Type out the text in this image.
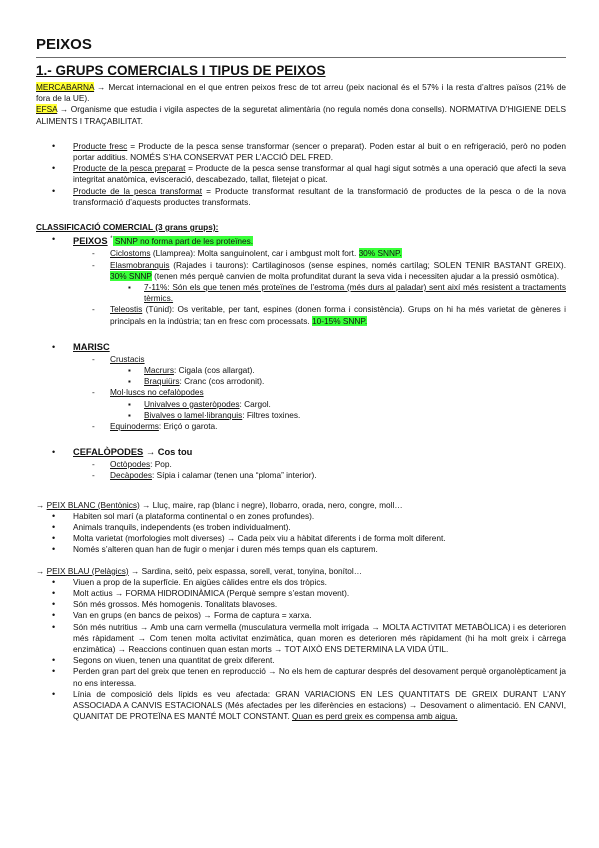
PEIXOS
1.- GRUPS COMERCIALS I TIPUS DE PEIXOS

MERCABARNA → Mercat internacional en el que entren peixos fresc de tot arreu (peix nacional és el 57% i la resta d’altres països (21% de fora de la UE).

EFSA → Organisme que estudia i vigila aspectes de la seguretat alimentària (no regula només dona consells). NORMATIVA D’HIGIENE DELS ALIMENTS I TRAÇABILITAT.

• Producte fresc = Producte de la pesca sense transformar (sencer o preparat). Poden estar al buit o en refrigeració, però no poden portar additius. NOMÉS S’HA CONSERVAT PER L’ACCIÓ DEL FRED.
• Producte de la pesca preparat = Producte de la pesca sense transformar al qual hagi sigut sotmès a una operació que afecti la seva integritat anatòmica, evisceració, descabezado, tallat, filetejat o picat.
• Producte de la pesca transformat = Producte transformat resultant de la transformació de productes de la pesca o de la nova transformació d’aquests productes transformats.

CLASSIFICACIÓ COMERCIAL (3 grans grups):

• PEIXOS * SNNP no forma part de les proteïnes.
- Ciclostoms (Llamprea): Molta sanguinolent, car i ambgust molt fort. 30% SNNP.
- Elasmobranquis (Rajades i taurons): Cartilaginosos (sense espines, només cartílag; SOLEN TENIR BASTANT GREIX). 30% SNNP (tenen més perquè canvien de molta profunditat durant la seva vida i necessiten ajudar a la pressió osmòtica).
▪ 7-11%: Són els que tenen més proteïnes de l’estroma (més durs al paladar) sent així més resistent a tractaments tèrmics.
- Teleostis (Túnid): Os veritable, per tant, espines (donen forma i consistència). Grups on hi ha més varietat de gèneres i principals en la indústria; tan en fresc com processats. 10-15% SNNP.
• MARISC
- Crustacis
▪ Macrurs: Cigala (cos allargat).
▪ Braquiürs: Cranc (cos arrodonit).
- Mol·luscs no cefalòpodes
▪ Univalves o gasteròpodes: Cargol.
▪ Bivalves o lamel·libranquis: Filtres toxines.
- Equinoderms: Eriçó o garota.
• CEFALÒPODES → Cos tou
- Octòpodes: Pop.
- Decàpodes: Sípia i calamar (tenen una “ploma” interior).

→ PEIX BLANC (Bentònics) → Lluç, maire, rap (blanc i negre), llobarro, orada, nero, congre, moll…

• Habiten sol marí (a plataforma continental o en zones profundes).
• Animals tranquils, independents (es troben individualment).
• Molta varietat (morfologies molt diverses) → Cada peix viu a hàbitat diferents i de forma molt diferent.
• Només s’alteren quan han de fugir o menjar i duren més temps quan els capturem.

→ PEIX BLAU (Pelàgics) → Sardina, seitó, peix espassa, sorell, verat, tonyina, bonítol…

• Viuen a prop de la superfície. En aigües càlides entre els dos tròpics.
• Molt actius → FORMA HIDRODINÀMICA (Perquè sempre s’estan movent).
• Són més grossos. Més homogenis. Tonalitats blavoses.
• Van en grups (en bancs de peixos) → Forma de captura = xarxa.
• Són més nutritius → Amb una carn vermella (musculatura vermella molt irrigada → MOLTA ACTIVITAT METABÒLICA) i es deterioren més ràpidament → Com tenen molta activitat enzimàtica, quan moren es deterioren més ràpidament (hi ha molt greix i càrrega enzimàtica) → Reaccions continuen quan estan morts → TOT AIXÒ ENS DETERMINA LA VIDA ÚTIL.
• Segons on viuen, tenen una quantitat de greix diferent.
• Perden gran part del greix que tenen en reproducció → No els hem de capturar després del desovament perquè organolèpticament ja no ens interessa.
• Línia de composició dels lípids es veu afectada: GRAN VARIACIONS EN LES QUANTITATS DE GREIX DURANT L’ANY ASSOCIADA A CANVIS ESTACIONALS (Més afectades per les diferències en estacions) → Desovament o alimentació. EN CANVI, QUANITAT DE PROTEÏNA ES MANTÉ MOLT CONSTANT. Quan es perd greix es compensa amb aigua.
